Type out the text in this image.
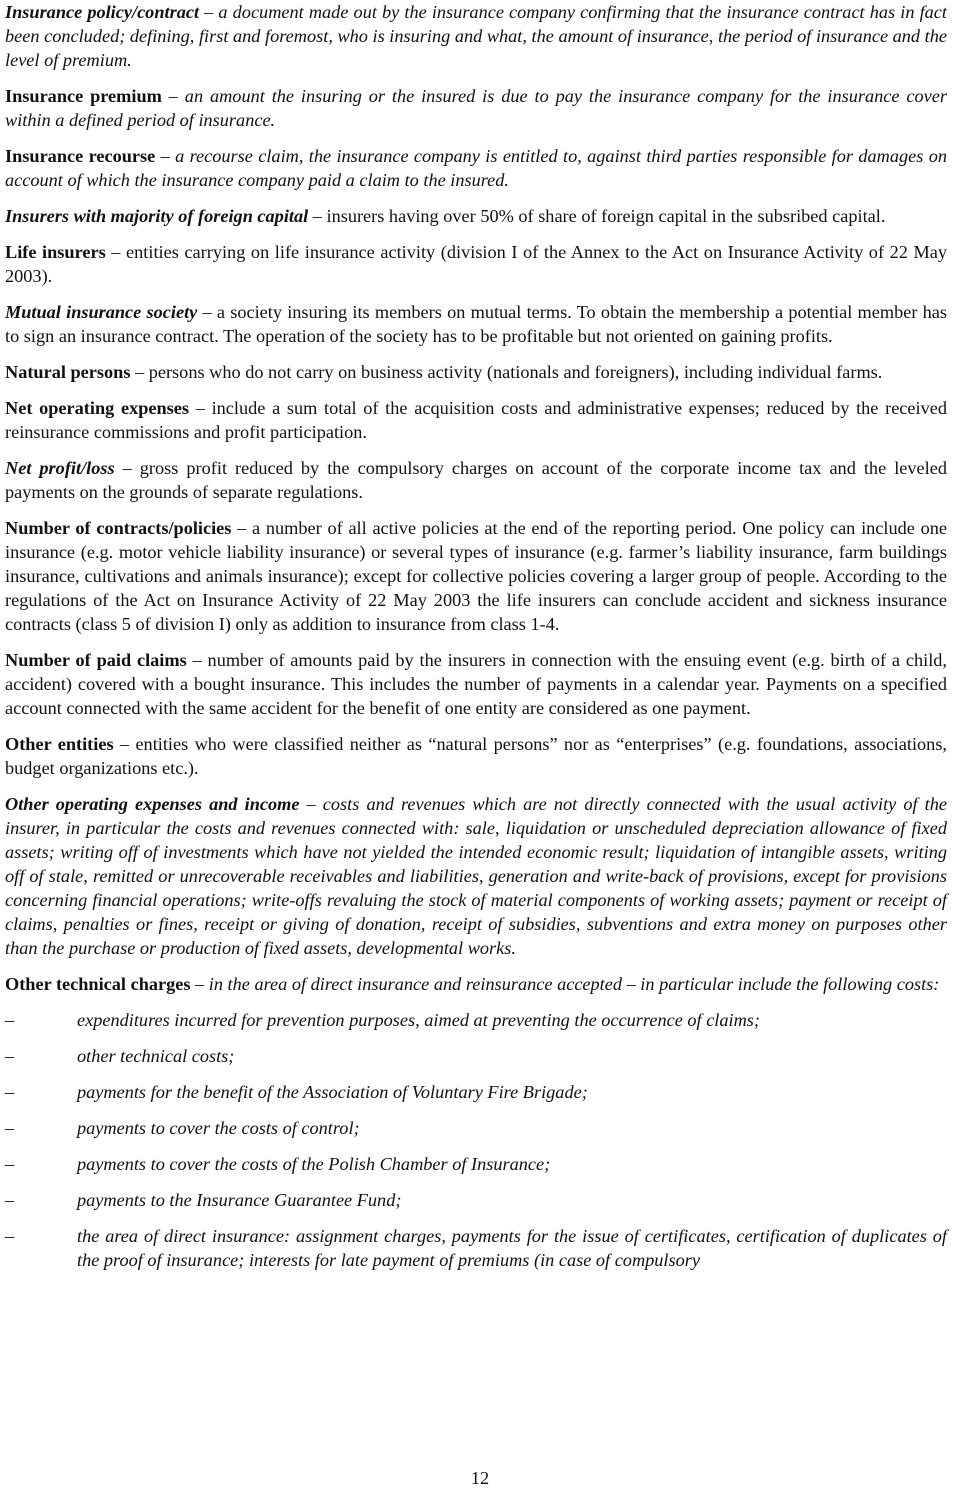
Insurance policy/contract – a document made out by the insurance company confirming that the insurance contract has in fact been concluded; defining, first and foremost, who is insuring and what, the amount of insurance, the period of insurance and the level of premium.

Insurance premium – an amount the insuring or the insured is due to pay the insurance company for the insurance cover within a defined period of insurance.

Insurance recourse – a recourse claim, the insurance company is entitled to, against third parties responsible for damages on account of which the insurance company paid a claim to the insured.

Insurers with majority of foreign capital – insurers having over 50% of share of foreign capital in the subsribed capital.

Life insurers – entities carrying on life insurance activity (division I of the Annex to the Act on Insurance Activity of 22 May 2003).

Mutual insurance society – a society insuring its members on mutual terms. To obtain the membership a potential member has to sign an insurance contract. The operation of the society has to be profitable but not oriented on gaining profits.

Natural persons – persons who do not carry on business activity (nationals and foreigners), including individual farms.

Net operating expenses – include a sum total of the acquisition costs and administrative expenses; reduced by the received reinsurance commissions and profit participation.

Net profit/loss – gross profit reduced by the compulsory charges on account of the corporate income tax and the leveled payments on the grounds of separate regulations.

Number of contracts/policies – a number of all active policies at the end of the reporting period. One policy can include one insurance (e.g. motor vehicle liability insurance) or several types of insurance (e.g. farmer’s liability insurance, farm buildings insurance, cultivations and animals insurance); except for collective policies covering a larger group of people. According to the regulations of the Act on Insurance Activity of 22 May 2003 the life insurers can conclude accident and sickness insurance contracts (class 5 of division I) only as addition to insurance from class 1-4.

Number of paid claims – number of amounts paid by the insurers in connection with the ensuing event (e.g. birth of a child, accident) covered with a bought insurance. This includes the number of payments in a calendar year. Payments on a specified account connected with the same accident for the benefit of one entity are considered as one payment.

Other entities – entities who were classified neither as “natural persons” nor as “enterprises” (e.g. foundations, associations, budget organizations etc.).

Other operating expenses and income – costs and revenues which are not directly connected with the usual activity of the insurer, in particular the costs and revenues connected with: sale, liquidation or unscheduled depreciation allowance of fixed assets; writing off of investments which have not yielded the intended economic result; liquidation of intangible assets, writing off of stale, remitted or unrecoverable receivables and liabilities, generation and write-back of provisions, except for provisions concerning financial operations; write-offs revaluing the stock of material components of working assets; payment or receipt of claims, penalties or fines, receipt or giving of donation, receipt of subsidies, subventions and extra money on purposes other than the purchase or production of fixed assets, developmental works.

Other technical charges – in the area of direct insurance and reinsurance accepted – in particular include the following costs:

–	expenditures incurred for prevention purposes, aimed at preventing the occurrence of claims;
–	other technical costs;
–	payments for the benefit of the Association of Voluntary Fire Brigade;
–	payments to cover the costs of control;
–	payments to cover the costs of the Polish Chamber of Insurance;
–	payments to the Insurance Guarantee Fund;
–	the area of direct insurance: assignment charges, payments for the issue of certificates, certification of duplicates of the proof of insurance; interests for late payment of premiums (in case of compulsory
12
